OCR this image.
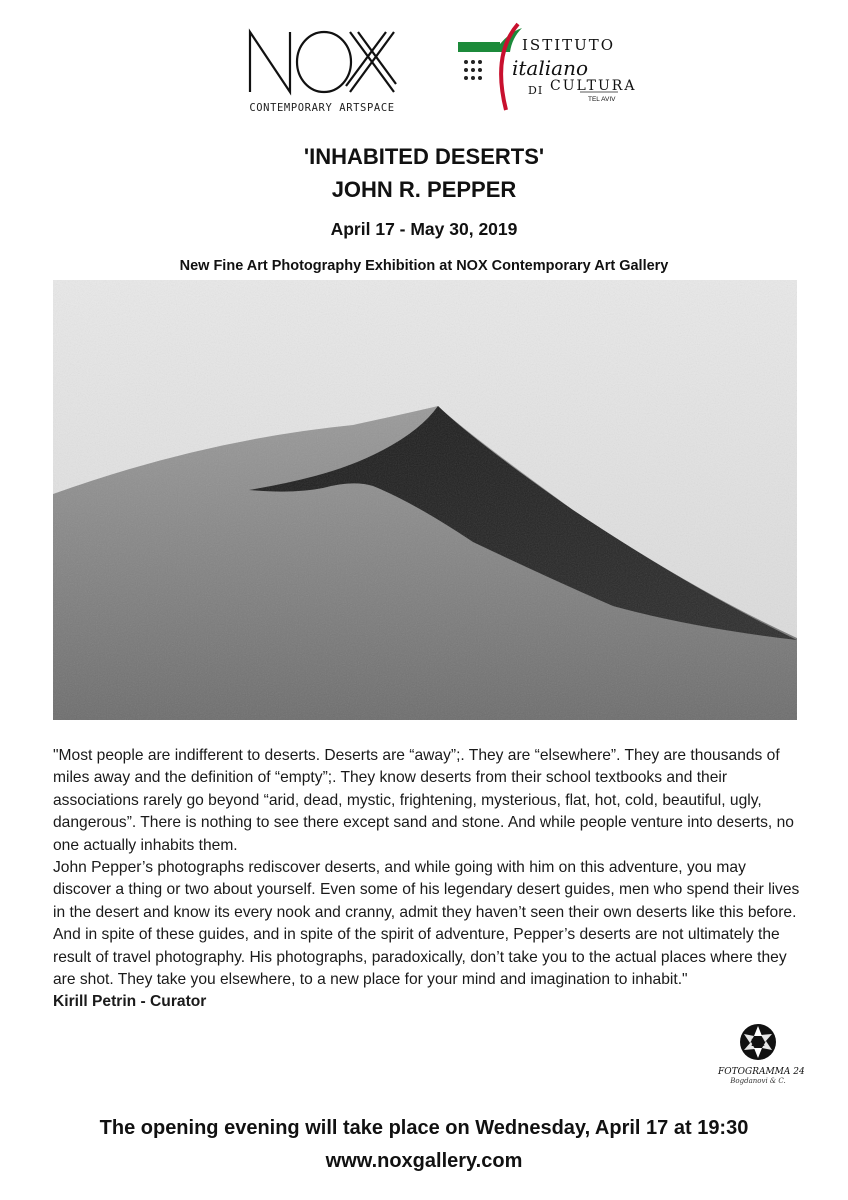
CONTEMPORARY ARTSPACE
ISTITUTO
italiano
DI CULTURA
TEL AVIV
'INHABITED DESERTS'
JOHN R. PEPPER
April 17 - May 30, 2019
New Fine Art Photography Exhibition at NOX Contemporary Art Gallery

"Most people are indifferent to deserts. Deserts are “away”;. They are “elsewhere”. They are thousands of miles away and the definition of “empty”;. They know deserts from their school textbooks and their associations rarely go beyond “arid, dead, mystic, frightening, mysterious, flat, hot, cold, beautiful, ugly, dangerous”. There is nothing to see there except sand and stone. And while people venture into deserts, no one actually inhabits them.

John Pepper’s photographs rediscover deserts, and while going with him on this adventure, you may discover a thing or two about yourself. Even some of his legendary desert guides, men who spend their lives in the desert and know its every nook and cranny, admit they haven’t seen their own deserts like this before. And in spite of these guides, and in spite of the spirit of adventure, Pepper’s deserts are not ultimately the result of travel photography. His photographs, paradoxically, don’t take you to the actual places where they are shot. They take you elsewhere, to a new place for your mind and imagination to inhabit."

Kirill Petrin - Curator

24
FOTOGRAMMA 24
Bogdanovi & C.
The opening evening will take place on Wednesday, April 17 at 19:30
www.noxgallery.com
